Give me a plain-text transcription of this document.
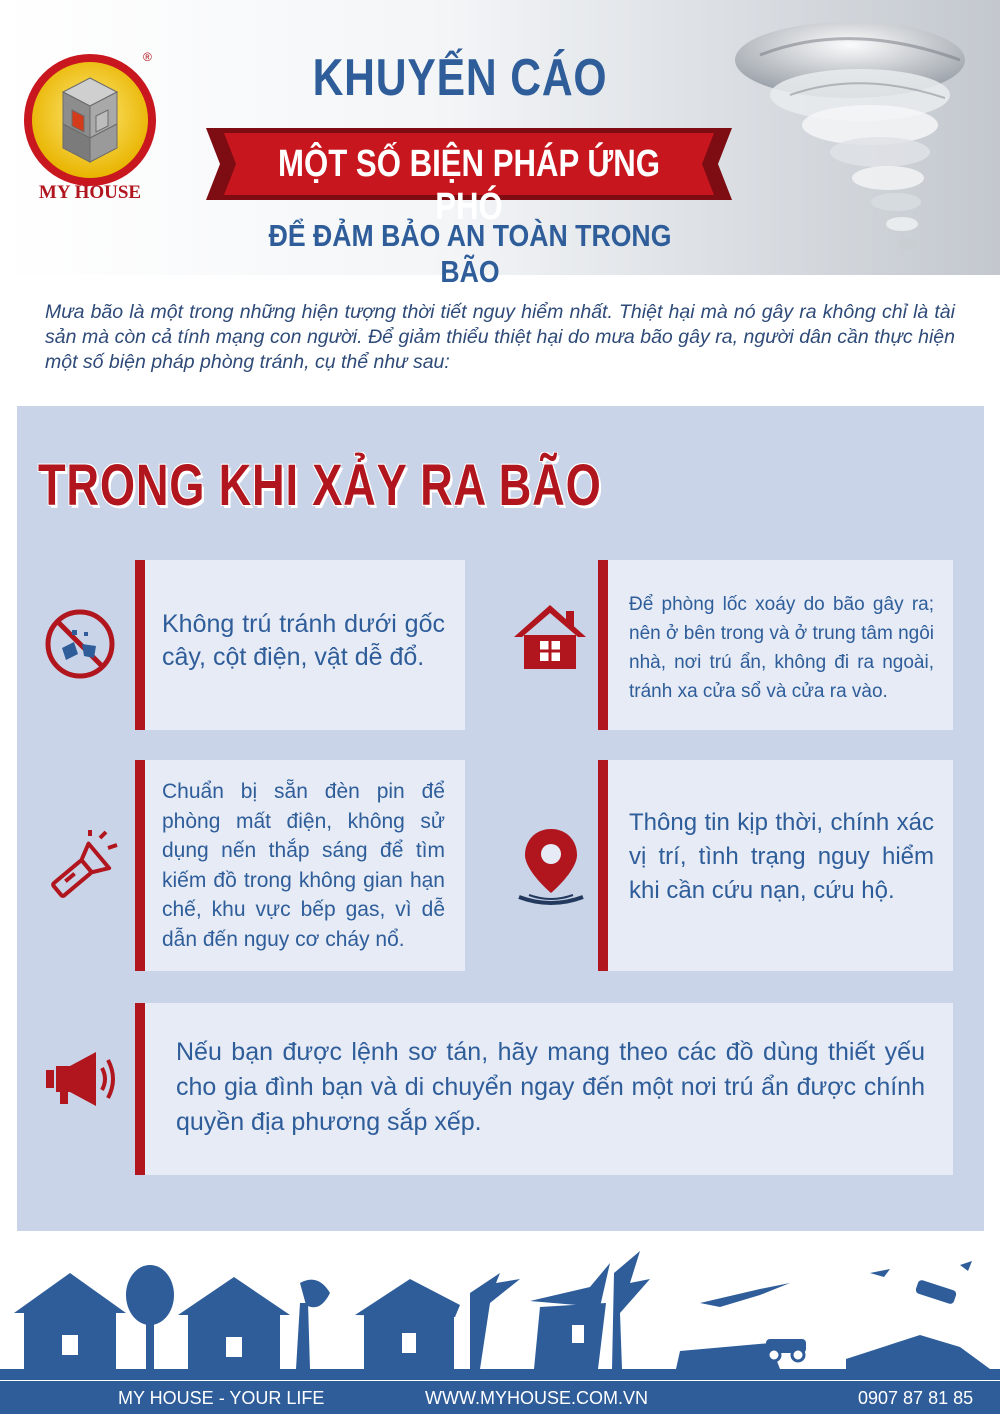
MY HOUSE
®	KHUYẾN CÁO
MỘT SỐ BIỆN PHÁP ỨNG PHÓ
ĐỂ ĐẢM BẢO AN TOÀN TRONG BÃO

Mưa bão là một trong những hiện tượng thời tiết nguy hiểm nhất. Thiệt hại mà nó gây ra không chỉ là tài sản mà còn cả tính mạng con người. Để giảm thiểu thiệt hại do mưa bão gây ra, người dân cần thực hiện một số biện pháp phòng tránh, cụ thể như sau:

TRONG KHI XẢY RA BÃO

Không trú tránh dưới gốc cây, cột điện, vật dễ đổ.

Để phòng lốc xoáy do bão gây ra; nên ở bên trong và ở trung tâm ngôi nhà, nơi trú ẩn, không đi ra ngoài, tránh xa cửa sổ và cửa ra vào.

Chuẩn bị sẵn đèn pin để phòng mất điện, không sử dụng nến thắp sáng để tìm kiếm đồ trong không gian hạn chế, khu vực bếp gas, vì dễ dẫn đến nguy cơ cháy nổ.

Thông tin kịp thời, chính xác vị trí, tình trạng nguy hiểm khi cần cứu nạn, cứu hộ.

Nếu bạn được lệnh sơ tán, hãy mang theo các đồ dùng thiết yếu cho gia đình bạn và di chuyển ngay đến một nơi trú ẩn được chính quyền địa phương sắp xếp.

MY HOUSE - YOUR LIFE	WWW.MYHOUSE.COM.VN	0907 87 81 85
